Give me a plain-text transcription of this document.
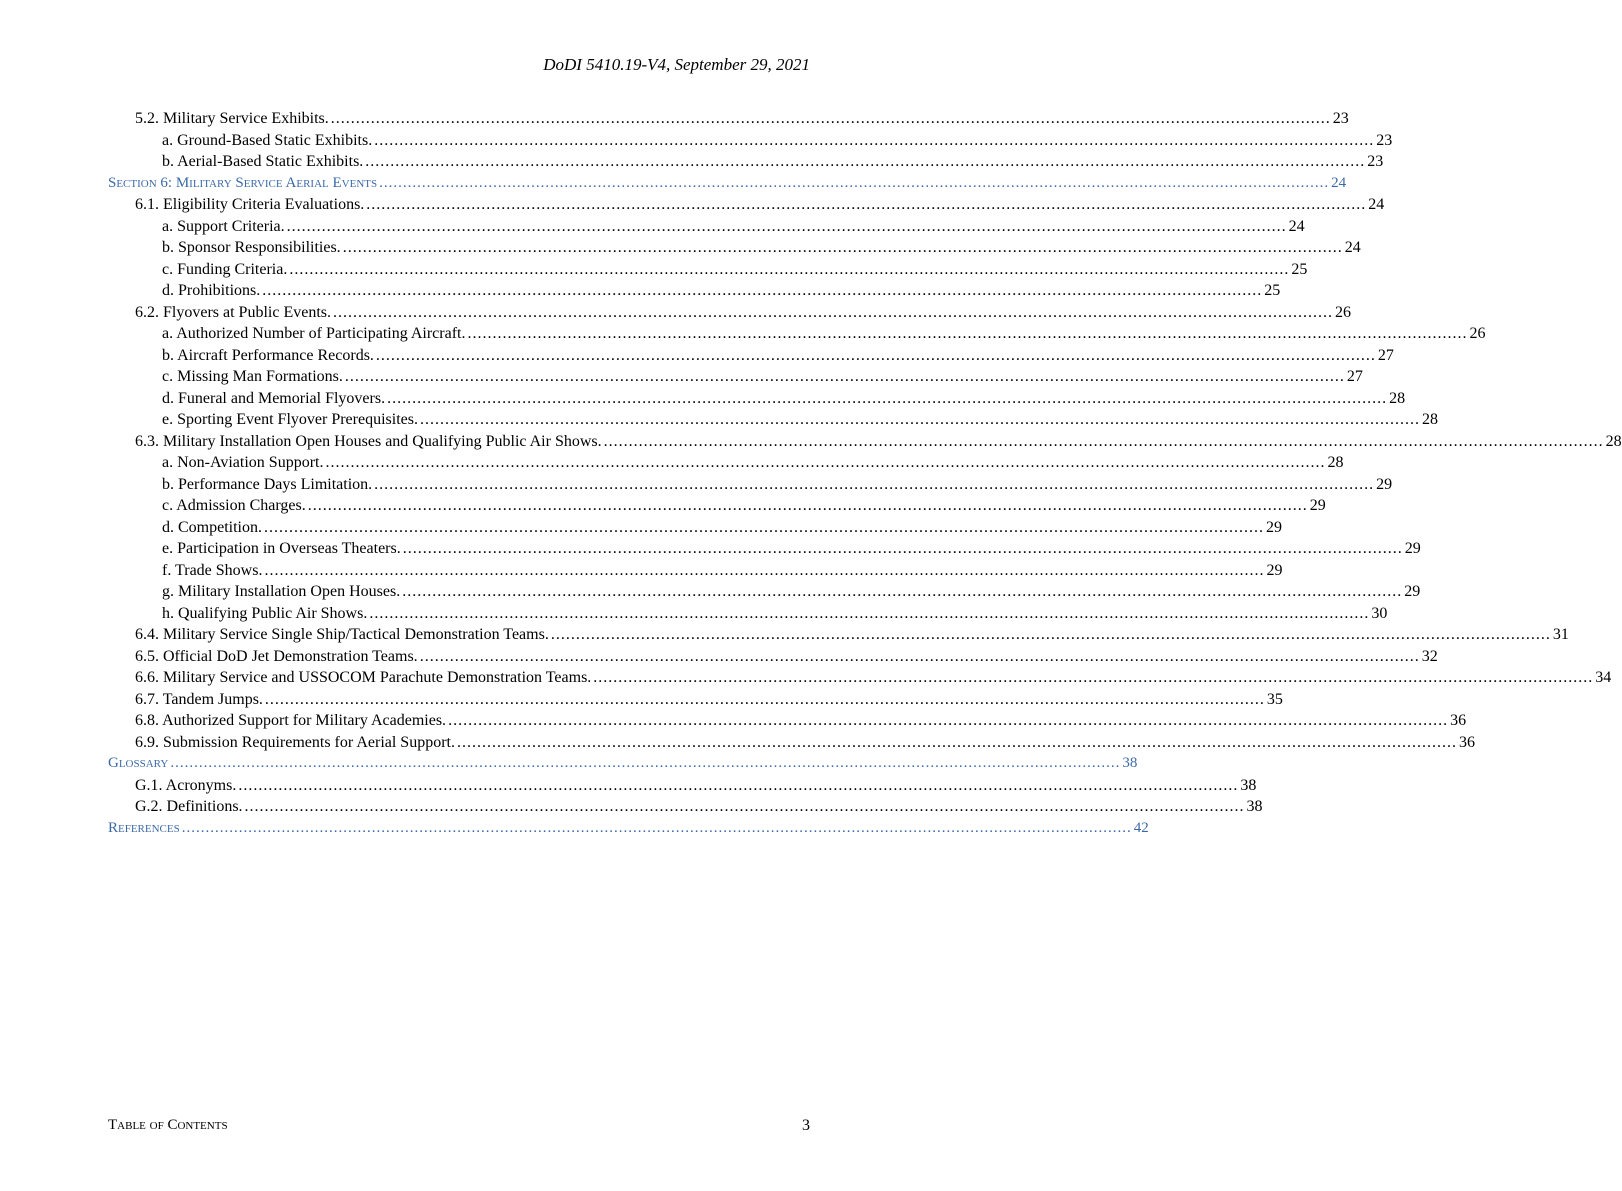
DoDI 5410.19-V4, September 29, 2021
5.2. Military Service Exhibits. ........................................................................................................................................................................................................ 23
a. Ground-Based Static Exhibits. ........................................................................................................................................................................................................ 23
b. Aerial-Based Static Exhibits. ........................................................................................................................................................................................................ 23
Section 6: Military Service Aerial Events ........................................................................................................................................................................................................ 24
6.1. Eligibility Criteria Evaluations. ........................................................................................................................................................................................................ 24
a. Support Criteria. ........................................................................................................................................................................................................ 24
b. Sponsor Responsibilities. ........................................................................................................................................................................................................ 24
c. Funding Criteria. ........................................................................................................................................................................................................ 25
d. Prohibitions. ........................................................................................................................................................................................................ 25
6.2. Flyovers at Public Events. ........................................................................................................................................................................................................ 26
a. Authorized Number of Participating Aircraft. ........................................................................................................................................................................................................ 26
b. Aircraft Performance Records. ........................................................................................................................................................................................................ 27
c. Missing Man Formations. ........................................................................................................................................................................................................ 27
d. Funeral and Memorial Flyovers. ........................................................................................................................................................................................................ 28
e. Sporting Event Flyover Prerequisites. ........................................................................................................................................................................................................ 28
6.3. Military Installation Open Houses and Qualifying Public Air Shows. ........................................................................................................................................................................................................ 28
a. Non-Aviation Support. ........................................................................................................................................................................................................ 28
b. Performance Days Limitation. ........................................................................................................................................................................................................ 29
c. Admission Charges. ........................................................................................................................................................................................................ 29
d. Competition. ........................................................................................................................................................................................................ 29
e. Participation in Overseas Theaters. ........................................................................................................................................................................................................ 29
f. Trade Shows. ........................................................................................................................................................................................................ 29
g. Military Installation Open Houses. ........................................................................................................................................................................................................ 29
h. Qualifying Public Air Shows. ........................................................................................................................................................................................................ 30
6.4. Military Service Single Ship/Tactical Demonstration Teams. ........................................................................................................................................................................................................ 31
6.5. Official DoD Jet Demonstration Teams. ........................................................................................................................................................................................................ 32
6.6. Military Service and USSOCOM Parachute Demonstration Teams. ........................................................................................................................................................................................................ 34
6.7. Tandem Jumps. ........................................................................................................................................................................................................ 35
6.8. Authorized Support for Military Academies. ........................................................................................................................................................................................................ 36
6.9. Submission Requirements for Aerial Support. ........................................................................................................................................................................................................ 36
Glossary ........................................................................................................................................................................................................ 38
G.1. Acronyms. ........................................................................................................................................................................................................ 38
G.2. Definitions. ........................................................................................................................................................................................................ 38
References ........................................................................................................................................................................................................ 42
Table of Contents	3
